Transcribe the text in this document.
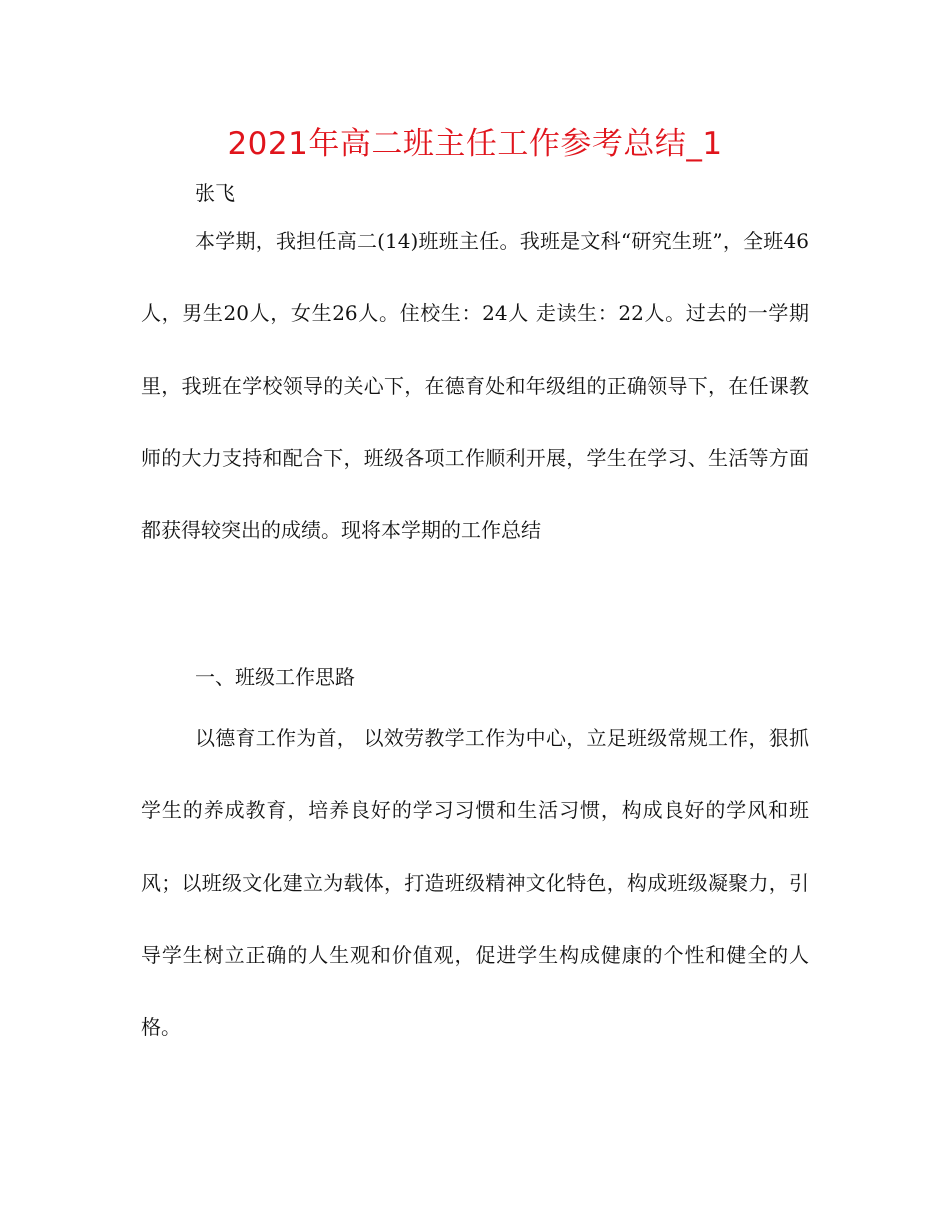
2021年高二班主任工作参考总结_1

张飞

本学期，我担任高二(14)班班主任。我班是文科“研究生班”，全班46人，男生20人，女生26人。住校生：24人 走读生：22人。过去的一学期里，我班在学校领导的关心下，在德育处和年级组的正确领导下，在任课教师的大力支持和配合下，班级各项工作顺利开展，学生在学习、生活等方面都获得较突出的成绩。现将本学期的工作总结

一、班级工作思路

以德育工作为首， 以效劳教学工作为中心，立足班级常规工作，狠抓学生的养成教育，培养良好的学习习惯和生活习惯，构成良好的学风和班风；以班级文化建立为载体，打造班级精神文化特色，构成班级凝聚力，引导学生树立正确的人生观和价值观，促进学生构成健康的个性和健全的人格。
